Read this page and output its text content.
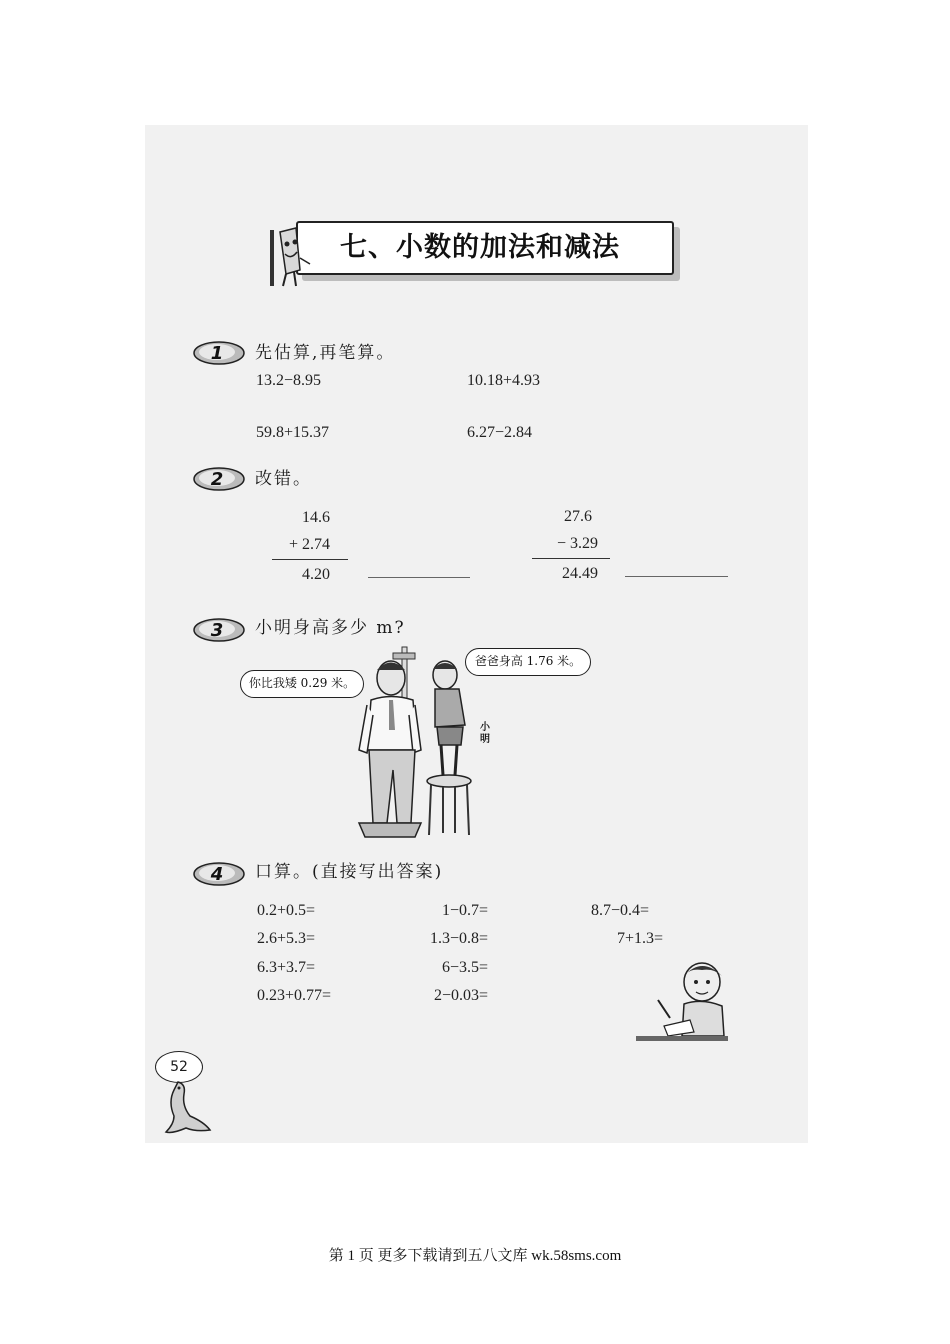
七、小数的加法和减法
1 先估算,再笔算。
13.2−8.95	10.18+4.93
59.8+15.37	6.27−2.84
2 改错。
14.6
+ 2.74
4.20
27.6
− 3.29
24.49
3 小明身高多少 m?
你比我矮 0.29 米。
爸爸身高 1.76 米。
小
明
4 口算。(直接写出答案)
0.2+0.5=	1−0.7=	8.7−0.4=
2.6+5.3=	1.3−0.8=	7+1.3=
6.3+3.7=	6−3.5=
0.23+0.77=	2−0.03=
52
第 1 页 更多下载请到五八文库 wk.58sms.com
